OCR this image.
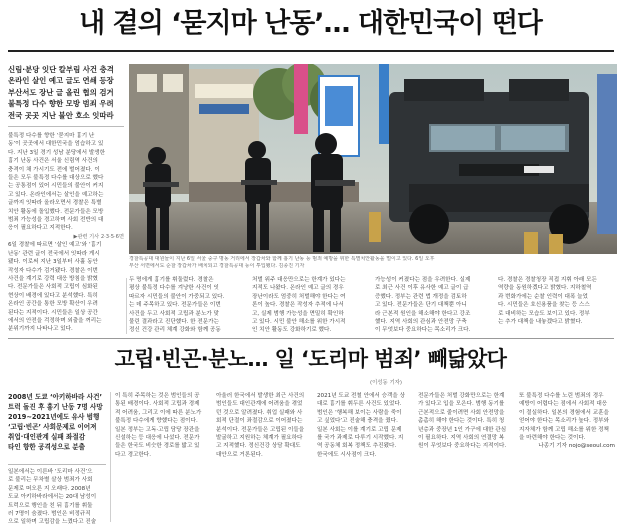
내 곁의 ‘묻지마 난동’… 대한민국이 떤다
신림·분당 잇단 칼부림 사건 충격
온라인 살인 예고 글도 연쇄 등장
부산서도 장난 글 올린 협의 검거
불특정 다수 향한 모방 범죄 우려
전국 곳곳 지난 불안 호소 잇따라
불특정 다수를 향한 ‘묻지마 흉기 난
동’이 곳곳에서 대한민국을 엄습하고 있
다. 지난 3일 경기 성남 분당에서 발생한
흉기 난동 사건은 서울 신림역 사건의
충격이 채 가시기도 전에 벌어졌다. 이
들은 모두 불특정 다수를 대상으로 했다
는 공통점이 있어 시민들의 불안이 커지
고 있다. 온라인에서는 살인을 예고하는
글까지 잇따라 올라오면서 경찰은 특별
치안 활동에 돌입했다. 전문가들은 모방
범죄 가능성을 경고하며 사회 전반의 대
응이 필요하다고 지적한다.
▶관련 기사 2·3·5·6면
6일 경찰에 따르면 ‘살인 예고’와 ‘흉기
난동’ 관련 글이 전국에서 잇따라 게시
됐다. 이로써 지난 3일부터 사흘 동안
작성자 다수가 검거됐다. 경찰은 이번
사건을 계기로 강력 대응 방침을 밝혔
다. 전문가들은 사회적 고립이 심화된
현상이 배경에 있다고 분석했다. 특히
온라인 공간을 통한 모방 확산이 우려
된다는 지적이다. 시민들은 일상 공간
에서의 안전을 걱정하며 외출을 꺼리는
분위기까지 나타나고 있다.
경찰특공대 대원들이 지난 6일 서울 중구 명동 거리에서 장갑차와 함께 흉기 난동 등 범죄 예방을 위한 특별치안활동을 벌이고 있다. 6일 오후
부산 서면에서도 순찰 장갑차가 배치되고 경찰특공대 등이 투입됐다. 김종진 기자
두 명에게 흉기를 휘둘렀다. 경찰은
평상 불특정 다수를 겨냥한 사건이 잇
따르자 시민들의 불안이 가중되고 있다.
는 데 주목하고 있다. 전문가들은 이번
사건을 두고 사회적 고립과 분노가 맞
물린 결과라고 진단했다. 한 전문가는
정신 건강 관리 체계 강화와 함께 공동
처벌 위주 대응만으로는 한계가 있다는
지적도 나왔다. 온라인 예고 글의 경우
장난이라도 엄중히 처벌해야 한다는 여
론이 높다. 경찰은 작성자 추적에 나서
고, 실제 범행 가능성을 면밀히 확인하
고 있다. 시민 불안 해소를 위한 가시적
인 치안 활동도 강화하기로 했다.
가능성이 커졌다는 점을 우려한다. 실제
로 최근 사건 이후 유사한 예고 글이 급
증했다. 정부는 관련 법 개정을 검토하
고 있다. 전문가들은 단기 대책뿐 아니
라 근본적 원인을 해소해야 한다고 강조
했다. 지역 사회의 관심과 안전망 구축
이 무엇보다 중요하다는 목소리가 크다.
다. 경찰은 경찰청장 직접 지휘 아래 모든
역량을 동원하겠다고 밝혔다. 지하철역
과 번화가에는 순찰 인력이 대폭 늘었
다. 시민들은 호신용품을 찾는 등 스스
로 대비하는 모습도 보이고 있다. 정부
는 추가 대책을 내놓겠다고 밝혔다.
고립·빈곤·분노… 일 ‘도리마 범죄’ 빼닮았다
(이성동 기자)
2008년 도쿄 ‘아키하바라 사건’
트럭 돌진 후 흉기 난동 7명 사망
2019~2021년에도 유사 범행
‘고립·빈곤’ 사회문제로 이어져
취업·대인관계 실패 좌절감
타인 향한 공격성으로 분출
일본에서는 이른바 ‘도리마 사건’으
로 불리는 무차별 살상 범죄가 사회
문제로 떠오른 지 오래다. 2008년
도쿄 아키하바라에서는 20대 남성이
트럭으로 행인을 친 뒤 흉기를 휘둘
러 7명이 숨졌다. 범인은 비정규직
으로 일하며 고립감을 느꼈다고 진술
이 특히 주목하는 것은 범인들의 공
통된 배경이다. 사회적 고립과 경제
적 어려움, 그리고 이에 따른 분노가
불특정 다수에게 향했다는 점이다.
일본 정부는 고독·고립 담당 장관을
신설하는 등 대응에 나섰다. 전문가
들은 한국도 비슷한 경로를 밟고 있
다고 경고한다.
아울러 한국에서 발생한 최근 사건의
범인들도 대인관계에 어려움을 겪었
던 것으로 알려졌다. 취업 실패와 사
회적 단절이 좌절감으로 이어졌다는
분석이다. 전문가들은 고립된 이들을
발굴하고 지원하는 체계가 필요하다
고 지적했다. 정신건강 상담 확대도
대안으로 거론된다.
2021년 도쿄 전철 안에서 승객을 상
대로 흉기를 휘두른 사건도 있었다.
범인은 ‘행복해 보이는 사람을 죽이
고 싶었다’고 진술해 충격을 줬다.
일본 사회는 이를 계기로 고립 문제
를 국가 과제로 다루기 시작했다. 지
역 공동체 회복 정책도 추진됐다.
한국에도 시사점이 크다.
전문가들은 처벌 강화만으로는 한계
가 있다고 입을 모은다. 범행 동기를
근본적으로 줄이려면 사회 안전망을
촘촘히 해야 한다는 것이다. 특히 청
년층과 중장년 1인 가구에 대한 관심
이 필요하다. 지역 사회의 연결망 복
원이 무엇보다 중요하다는 지적이다.
또 불특정 다수를 노린 범죄의 경우
예방이 어렵다는 점에서 사회적 대응
이 절실하다. 일본의 경험에서 교훈을
얻어야 한다는 목소리가 높다. 정부와
지자체가 함께 고립 해소를 위한 정책
을 마련해야 한다는 것이다.
나종기 기자 nojo@seoul.com
